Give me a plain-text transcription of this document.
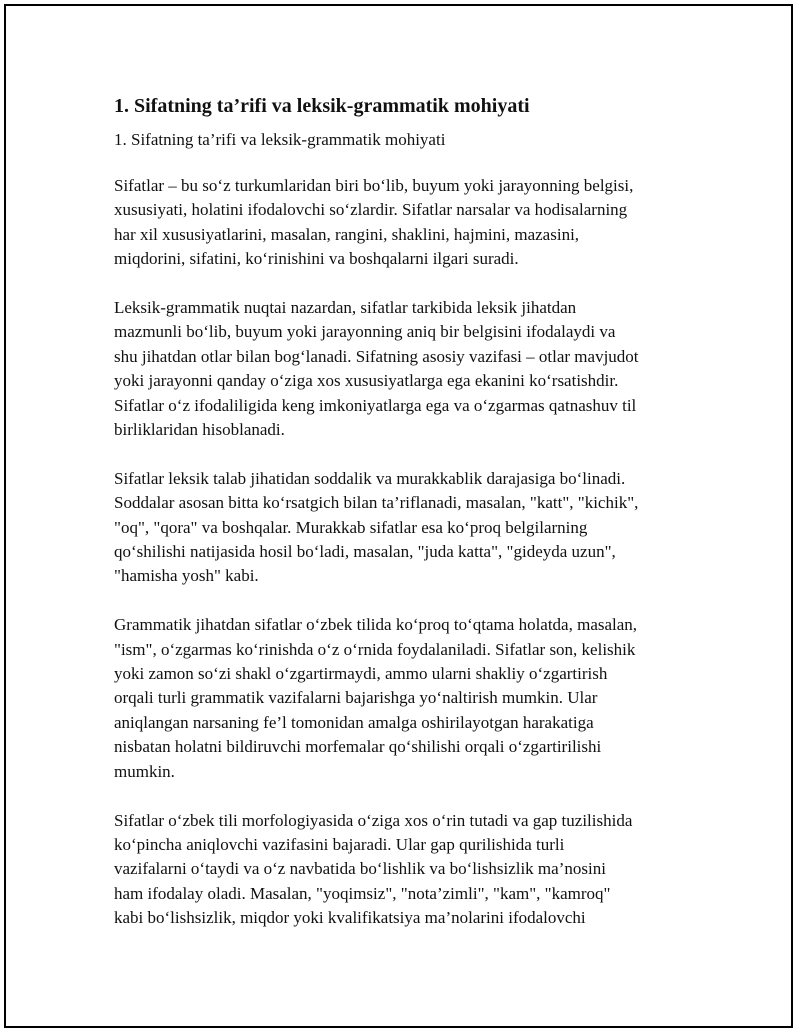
1. Sifatning ta’rifi va leksik-grammatik mohiyati
1. Sifatning ta’rifi va leksik-grammatik mohiyati
Sifatlar – bu so‘z turkumlaridan biri bo‘lib, buyum yoki jarayonning belgisi,
xususiyati, holatini ifodalovchi so‘zlardir. Sifatlar narsalar va hodisalarning
har xil xususiyatlarini, masalan, rangini, shaklini, hajmini, mazasini,
miqdorini, sifatini, ko‘rinishini va boshqalarni ilgari suradi.
Leksik-grammatik nuqtai nazardan, sifatlar tarkibida leksik jihatdan
mazmunli bo‘lib, buyum yoki jarayonning aniq bir belgisini ifodalaydi va
shu jihatdan otlar bilan bog‘lanadi. Sifatning asosiy vazifasi – otlar mavjudot
yoki jarayonni qanday o‘ziga xos xususiyatlarga ega ekanini ko‘rsatishdir.
Sifatlar o‘z ifodaliligida keng imkoniyatlarga ega va o‘zgarmas qatnashuv til
birliklaridan hisoblanadi.
Sifatlar leksik talab jihatidan soddalik va murakkablik darajasiga bo‘linadi.
Soddalar asosan bitta ko‘rsatgich bilan ta’riflanadi, masalan, "katt", "kichik",
"oq", "qora" va boshqalar. Murakkab sifatlar esa ko‘proq belgilarning
qo‘shilishi natijasida hosil bo‘ladi, masalan, "juda katta", "gideyda uzun",
"hamisha yosh" kabi.
Grammatik jihatdan sifatlar o‘zbek tilida ko‘proq to‘qtama holatda, masalan,
"ism", o‘zgarmas ko‘rinishda o‘z o‘rnida foydalaniladi. Sifatlar son, kelishik
yoki zamon so‘zi shakl o‘zgartirmaydi, ammo ularni shakliy o‘zgartirish
orqali turli grammatik vazifalarni bajarishga yo‘naltirish mumkin. Ular
aniqlangan narsaning fe’l tomonidan amalga oshirilayotgan harakatiga
nisbatan holatni bildiruvchi morfemalar qo‘shilishi orqali o‘zgartirilishi
mumkin.
Sifatlar o‘zbek tili morfologiyasida o‘ziga xos o‘rin tutadi va gap tuzilishida
ko‘pincha aniqlovchi vazifasini bajaradi. Ular gap qurilishida turli
vazifalarni o‘taydi va o‘z navbatida bo‘lishlik va bo‘lishsizlik ma’nosini
ham ifodalay oladi. Masalan, "yoqimsiz", "nota’zimli", "kam", "kamroq"
kabi bo‘lishsizlik, miqdor yoki kvalifikatsiya ma’nolarini ifodalovchi
